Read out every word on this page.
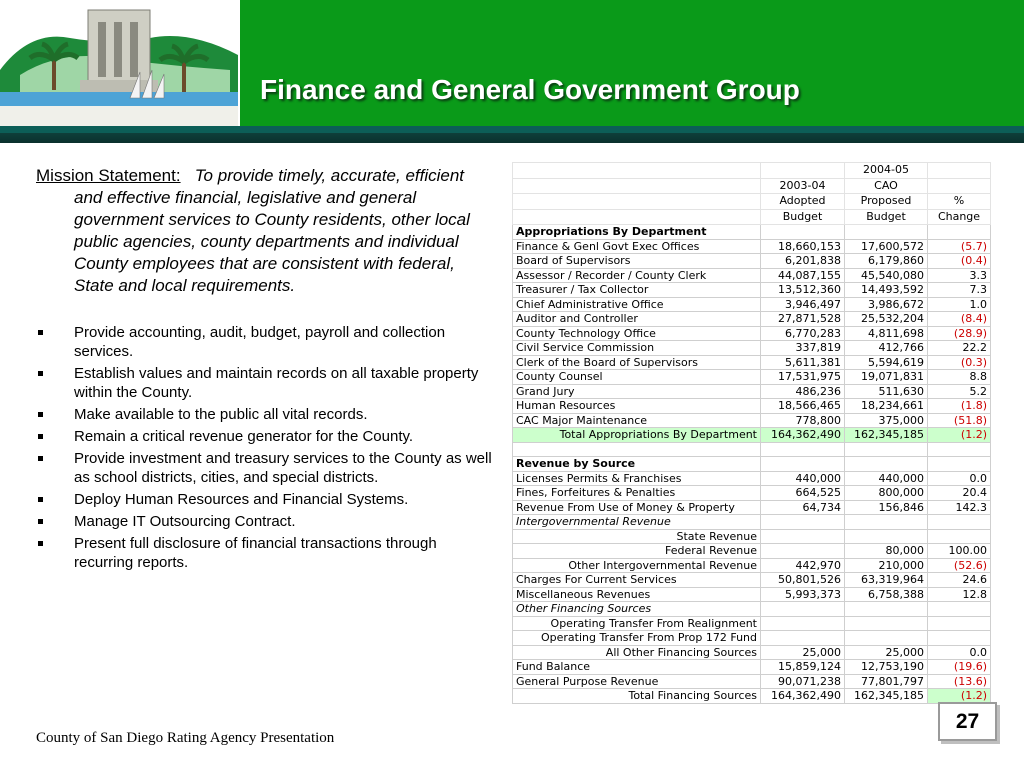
Finance and General Government Group
Mission Statement: To provide timely, accurate, efficient and effective financial, legislative and general government services to County residents, other local public agencies, county departments and individual County employees that are consistent with federal, State and local requirements.
Provide accounting, audit, budget, payroll and collection services.
Establish values and maintain records on all taxable property within the County.
Make available to the public all vital records.
Remain a critical revenue generator for the County.
Provide investment and treasury services to the County as well as school districts, cities, and special districts.
Deploy Human Resources and Financial Systems.
Manage IT Outsourcing Contract.
Present full disclosure of financial transactions through recurring reports.
		2004-05	
	2003-04	CAO	
	Adopted	Proposed	%
	Budget	Budget	Change
Appropriations By Department			
Finance & Genl Govt Exec Offices	18,660,153	17,600,572	(5.7)
Board of Supervisors	6,201,838	6,179,860	(0.4)
Assessor / Recorder / County Clerk	44,087,155	45,540,080	3.3
Treasurer / Tax Collector	13,512,360	14,493,592	7.3
Chief Administrative Office	3,946,497	3,986,672	1.0
Auditor and Controller	27,871,528	25,532,204	(8.4)
County Technology Office	6,770,283	4,811,698	(28.9)
Civil Service Commission	337,819	412,766	22.2
Clerk of the Board of Supervisors	5,611,381	5,594,619	(0.3)
County Counsel	17,531,975	19,071,831	8.8
Grand Jury	486,236	511,630	5.2
Human Resources	18,566,465	18,234,661	(1.8)
CAC Major Maintenance	778,800	375,000	(51.8)
Total Appropriations By Department	164,362,490	162,345,185	(1.2)

Revenue by Source			
Licenses Permits & Franchises	440,000	440,000	0.0
Fines, Forfeitures & Penalties	664,525	800,000	20.4
Revenue From Use of Money & Property	64,734	156,846	142.3
Intergovernmental Revenue			
State Revenue			
Federal Revenue		80,000	100.00
Other Intergovernmental Revenue	442,970	210,000	(52.6)
Charges For Current Services	50,801,526	63,319,964	24.6
Miscellaneous Revenues	5,993,373	6,758,388	12.8
Other Financing Sources			
Operating Transfer From Realignment			
Operating Transfer From Prop 172 Fund			
All Other Financing Sources	25,000	25,000	0.0
Fund Balance	15,859,124	12,753,190	(19.6)
General Purpose Revenue	90,071,238	77,801,797	(13.6)
Total Financing Sources	164,362,490	162,345,185	(1.2)
County of San Diego Rating Agency Presentation
27
